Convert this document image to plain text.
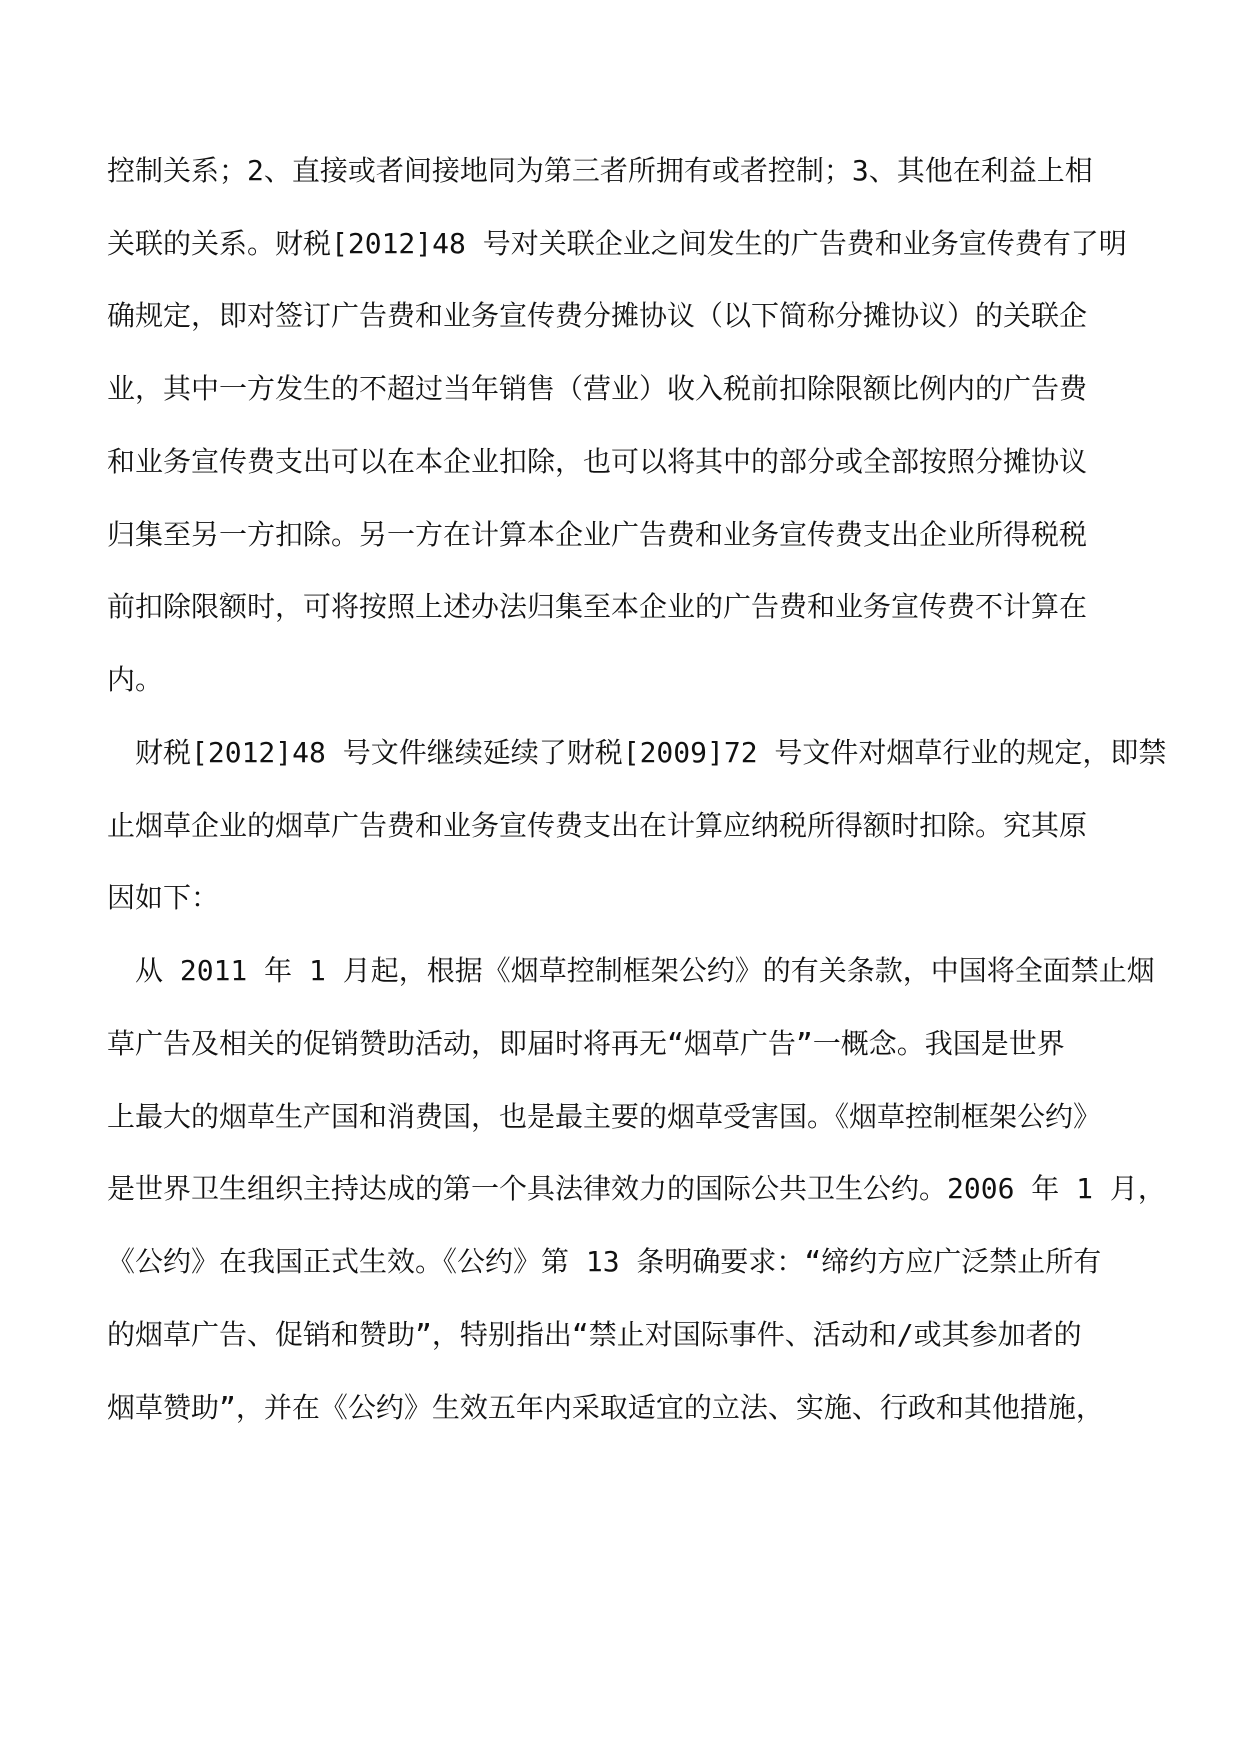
控制关系；2、直接或者间接地同为第三者所拥有或者控制；3、其他在利益上相
关联的关系。财税[2012]48 号对关联企业之间发生的广告费和业务宣传费有了明
确规定，即对签订广告费和业务宣传费分摊协议（以下简称分摊协议）的关联企
业，其中一方发生的不超过当年销售（营业）收入税前扣除限额比例内的广告费
和业务宣传费支出可以在本企业扣除，也可以将其中的部分或全部按照分摊协议
归集至另一方扣除。另一方在计算本企业广告费和业务宣传费支出企业所得税税
前扣除限额时，可将按照上述办法归集至本企业的广告费和业务宣传费不计算在
内。
财税[2012]48 号文件继续延续了财税[2009]72 号文件对烟草行业的规定，即禁
止烟草企业的烟草广告费和业务宣传费支出在计算应纳税所得额时扣除。究其原
因如下：
从 2011 年 1 月起，根据《烟草控制框架公约》的有关条款，中国将全面禁止烟
草广告及相关的促销赞助活动，即届时将再无“烟草广告”一概念。我国是世界
上最大的烟草生产国和消费国，也是最主要的烟草受害国。《烟草控制框架公约》
是世界卫生组织主持达成的第一个具法律效力的国际公共卫生公约。2006 年 1 月，
《公约》在我国正式生效。《公约》第 13 条明确要求：“缔约方应广泛禁止所有
的烟草广告、促销和赞助”，特别指出“禁止对国际事件、活动和/或其参加者的
烟草赞助”，并在《公约》生效五年内采取适宜的立法、实施、行政和其他措施，
